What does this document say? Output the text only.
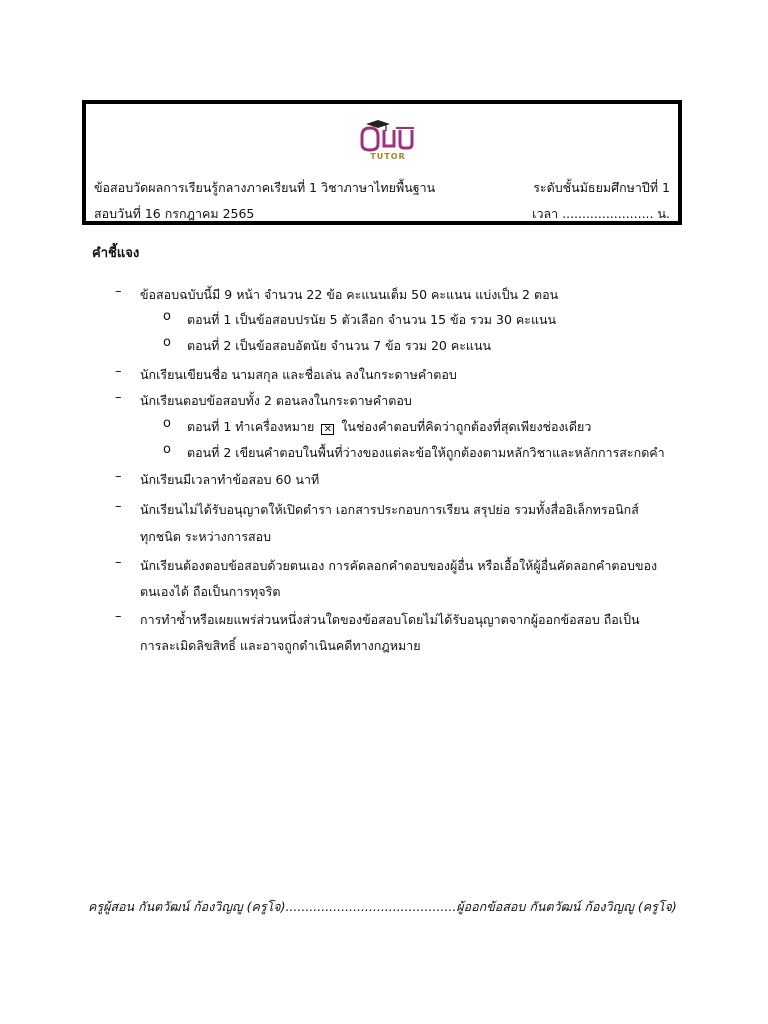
TUTOR
ข้อสอบวัดผลการเรียนรู้กลางภาคเรียนที่ 1 วิชาภาษาไทยพื้นฐาน	ระดับชั้นมัธยมศึกษาปีที่ 1
สอบวันที่ 16 กรกฎาคม 2565	เวลา ....................... น.
คำชี้แจง
– ข้อสอบฉบับนี้มี 9 หน้า จำนวน 22 ข้อ คะแนนเต็ม 50 คะแนน แบ่งเป็น 2 ตอน
o ตอนที่ 1 เป็นข้อสอบปรนัย 5 ตัวเลือก จำนวน 15 ข้อ รวม 30 คะแนน
o ตอนที่ 2 เป็นข้อสอบอัตนัย จำนวน 7 ข้อ รวม 20 คะแนน
– นักเรียนเขียนชื่อ นามสกุล และชื่อเล่น ลงในกระดาษคำตอบ
– นักเรียนตอบข้อสอบทั้ง 2 ตอนลงในกระดาษคำตอบ
o ตอนที่ 1 ทำเครื่องหมาย ✕ ในช่องคำตอบที่คิดว่าถูกต้องที่สุดเพียงช่องเดียว
o ตอนที่ 2 เขียนคำตอบในพื้นที่ว่างของแต่ละข้อให้ถูกต้องตามหลักวิชาและหลักการสะกดคำ
– นักเรียนมีเวลาทำข้อสอบ 60 นาที
– นักเรียนไม่ได้รับอนุญาตให้เปิดตำรา เอกสารประกอบการเรียน สรุปย่อ รวมทั้งสื่ออิเล็กทรอนิกส์
ทุกชนิด ระหว่างการสอบ
– นักเรียนต้องตอบข้อสอบด้วยตนเอง การคัดลอกคำตอบของผู้อื่น หรือเอื้อให้ผู้อื่นคัดลอกคำตอบของ
ตนเองได้ ถือเป็นการทุจริต
– การทำซ้ำหรือเผยแพร่ส่วนหนึ่งส่วนใดของข้อสอบโดยไม่ได้รับอนุญาตจากผู้ออกข้อสอบ ถือเป็น
การละเมิดลิขสิทธิ์ และอาจถูกดำเนินคดีทางกฎหมาย
ครูผู้สอน กันตวัฒน์ ก้องวิญญู (ครูโจ)...........................................ผู้ออกข้อสอบ กันตวัฒน์ ก้องวิญญู (ครูโจ)
